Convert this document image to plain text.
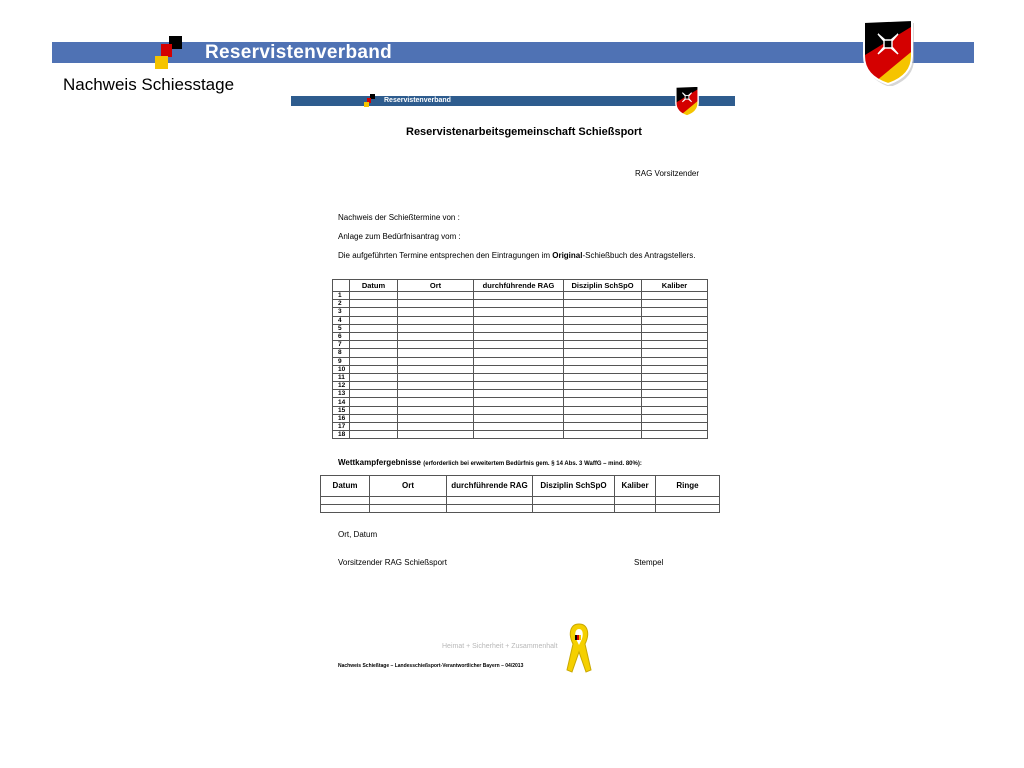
Reservistenverband
Nachweis Schiesstage
Reservistenverband
Reservistenarbeitsgemeinschaft Schießsport
RAG Vorsitzender
Nachweis der Schießtermine von :
Anlage zum Bedürfnisantrag vom :
Die aufgeführten Termine entsprechen den Eintragungen im Original-Schießbuch des Antragstellers.
	Datum	Ort	durchführende RAG	Disziplin SchSpO	Kaliber
1					
2					
3					
4					
5					
6					
7					
8					
9					
10					
11					
12					
13					
14					
15					
16					
17					
18					
Wettkampfergebnisse (erforderlich bei erweitertem Bedürfnis gem. § 14 Abs. 3 WaffG – mind. 80%):
Datum	Ort	durchführende RAG	Disziplin SchSpO	Kaliber	Ringe

Ort, Datum
Vorsitzender RAG Schießsport	Stempel
Heimat + Sicherheit + Zusammenhalt
Nachweis Schießtage – Landesschießsport-Verantwortlicher Bayern – 04/2013
